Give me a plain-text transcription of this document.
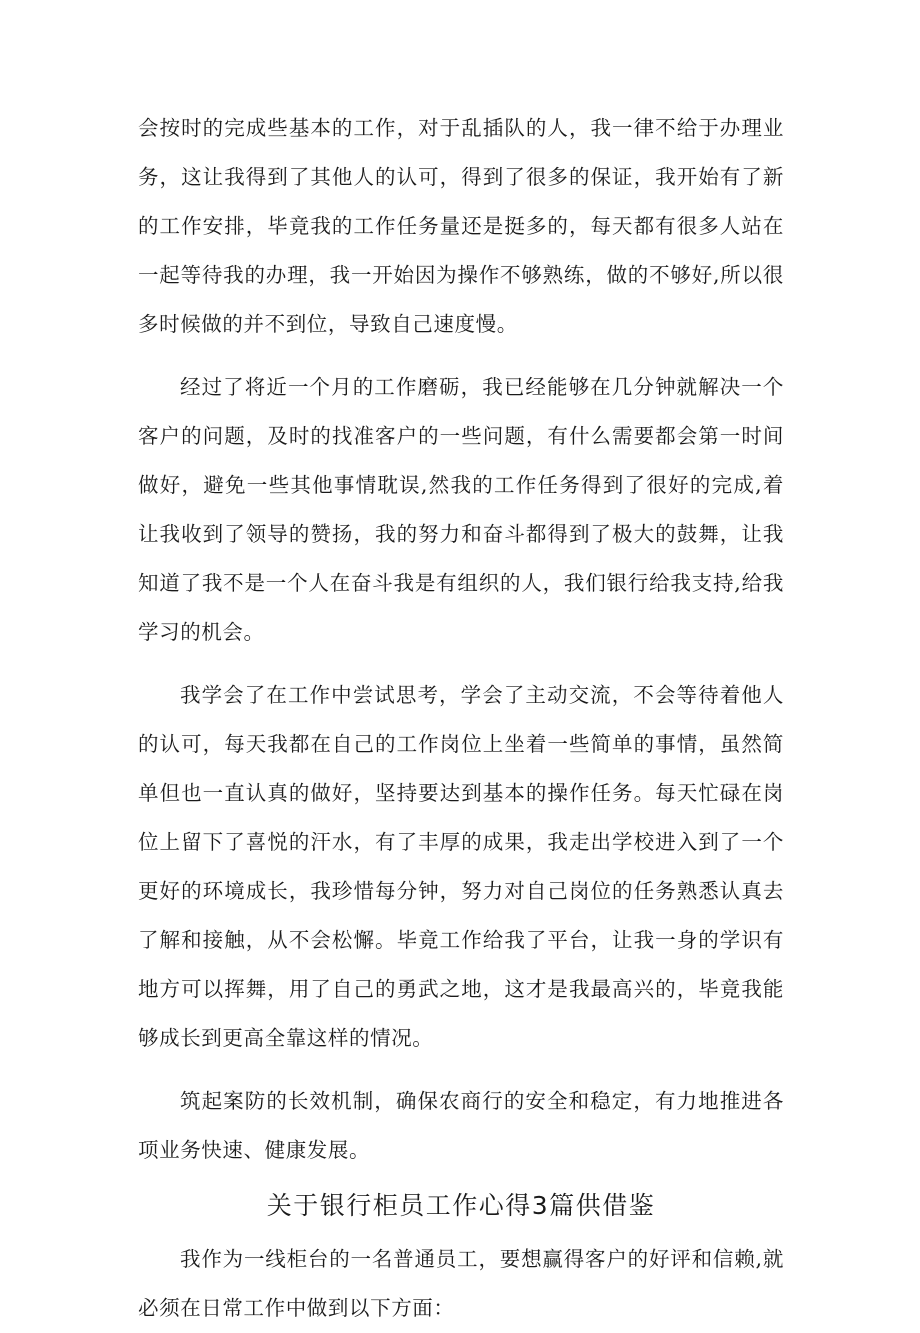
会按时的完成些基本的工作，对于乱插队的人，我一律不给于办理业务，这让我得到了其他人的认可，得到了很多的保证，我开始有了新的工作安排，毕竟我的工作任务量还是挺多的，每天都有很多人站在一起等待我的办理，我一开始因为操作不够熟练，做的不够好,所以很多时候做的并不到位，导致自己速度慢。

经过了将近一个月的工作磨砺，我已经能够在几分钟就解决一个客户的问题，及时的找准客户的一些问题，有什么需要都会第一时间做好，避免一些其他事情耽误,然我的工作任务得到了很好的完成,着让我收到了领导的赞扬，我的努力和奋斗都得到了极大的鼓舞，让我知道了我不是一个人在奋斗我是有组织的人，我们银行给我支持,给我学习的机会。

我学会了在工作中尝试思考，学会了主动交流，不会等待着他人的认可，每天我都在自己的工作岗位上坐着一些简单的事情，虽然简单但也一直认真的做好，坚持要达到基本的操作任务。每天忙碌在岗位上留下了喜悦的汗水，有了丰厚的成果，我走出学校进入到了一个更好的环境成长，我珍惜每分钟，努力对自己岗位的任务熟悉认真去了解和接触，从不会松懈。毕竟工作给我了平台，让我一身的学识有地方可以挥舞，用了自己的勇武之地，这才是我最高兴的，毕竟我能够成长到更高全靠这样的情况。

筑起案防的长效机制，确保农商行的安全和稳定，有力地推进各项业务快速、健康发展。

关于银行柜员工作心得3篇供借鉴

我作为一线柜台的一名普通员工，要想赢得客户的好评和信赖,就必须在日常工作中做到以下方面：
